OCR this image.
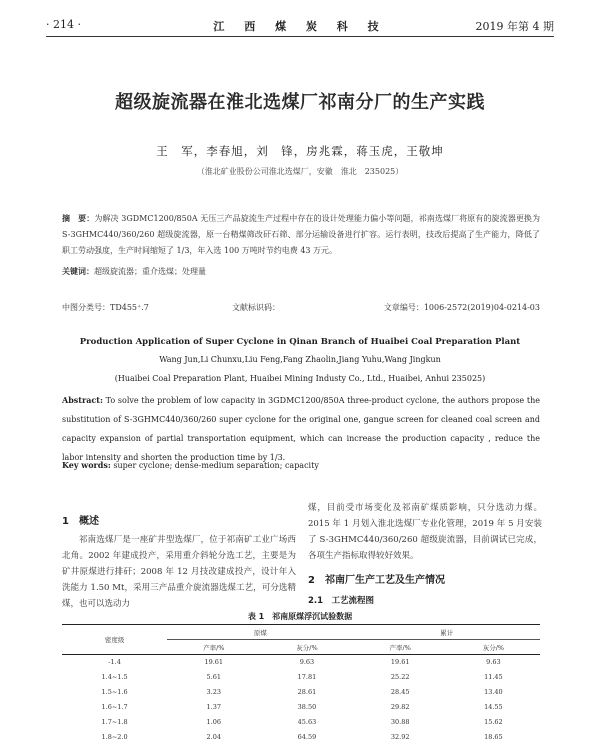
· 214 ·	江 西 煤 炭 科 技	2019 年第 4 期
超级旋流器在淮北选煤厂祁南分厂的生产实践
王　军，李春旭，刘　锋，房兆霖，蒋玉虎，王敬坤
（淮北矿业股份公司淮北选煤厂，安徽　淮北　235025）
摘　要：为解决 3GDMC1200/850A 无压三产品旋流生产过程中存在的设计处理能力偏小等问题，祁南选煤厂将原有的旋流器更换为 S-3GHMC440/360/260 超级旋流器，原一台精煤筛改矸石筛、部分运输设备进行扩容。运行表明，技改后提高了生产能力，降低了职工劳动强度，生产时间缩短了 1/3，年入选 100 万吨时节约电费 43 万元。
关键词：超级旋流器；重介选煤；处理量
中图分类号：TD455⁺.7	文献标识码：	文章编号：1006-2572(2019)04-0214-03
Production Application of Super Cyclone in Qinan Branch of Huaibei Coal Preparation Plant
Wang Jun,Li Chunxu,Liu Feng,Fang Zhaolin,Jiang Yuhu,Wang Jingkun
(Huaibei Coal Preparation Plant, Huaibei Mining Industy Co., Ltd., Huaibei, Anhui 235025)
Abstract: To solve the problem of low capacity in 3GDMC1200/850A three-product cyclone, the authors propose the substitution of S-3GHMC440/360/260 super cyclone for the original one, gangue screen for cleaned coal screen and capacity expansion of partial transportation equipment, which can increase the production capacity , reduce the labor intensity and shorten the production time by 1/3.
Key words: super cyclone; dense-medium separation; capacity
1　概述
祁南选煤厂是一座矿井型选煤厂，位于祁南矿工业广场西北角。2002 年建成投产，采用重介斜轮分选工艺，主要是为矿井原煤进行排矸；2008 年 12 月技改建成投产，设计年入洗能力 1.50 Mt，采用三产品重介旋流器选煤工艺，可分选精煤，也可以选动力
煤，目前受市场变化及祁南矿煤质影响，只分选动力煤。2015 年 1 月划入淮北选煤厂专业化管理，2019 年 5 月安装了 S-3GHMC440/360/260 超级旋流器，目前调试已完成，各项生产指标取得较好效果。
2　祁南厂生产工艺及生产情况
2.1　工艺流程图
表 1　祁南原煤浮沉试验数据
密度级	原煤		累计	
	产率/%	灰分/%	产率/%	灰分/%
-1.4	19.61	9.63	19.61	9.63
1.4~1.5	5.61	17.81	25.22	11.45
1.5~1.6	3.23	28.61	28.45	13.40
1.6~1.7	1.37	38.50	29.82	14.55
1.7~1.8	1.06	45.63	30.88	15.62
1.8~2.0	2.04	64.59	32.92	18.65
